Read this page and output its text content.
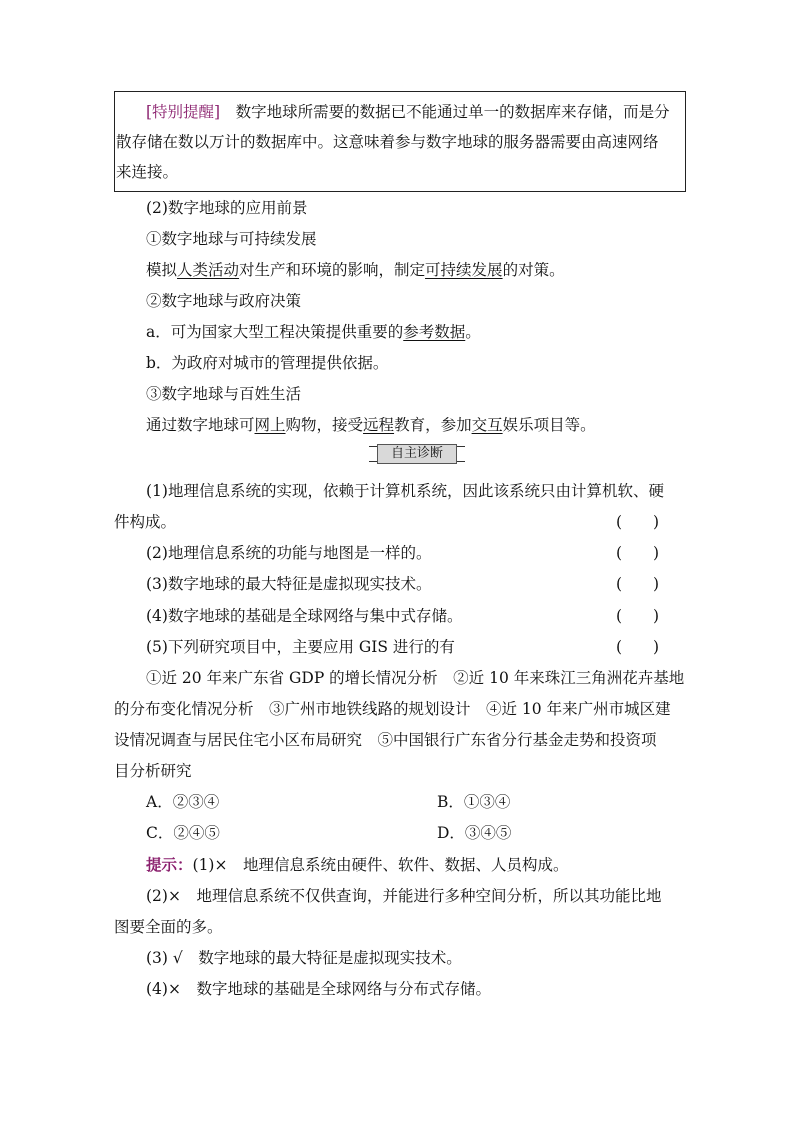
[特别提醒]　数字地球所需要的数据已不能通过单一的数据库来存储，而是分
散存储在数以万计的数据库中。这意味着参与数字地球的服务器需要由高速网络
来连接。
(2)数字地球的应用前景
①数字地球与可持续发展
模拟人类活动对生产和环境的影响，制定可持续发展的对策。
②数字地球与政府决策
a．可为国家大型工程决策提供重要的参考数据。
b．为政府对城市的管理提供依据。
③数字地球与百姓生活
通过数字地球可网上购物，接受远程教育，参加交互娱乐项目等。
自主诊断
(1)地理信息系统的实现，依赖于计算机系统，因此该系统只由计算机软、硬
件构成。	(　　)
(2)地理信息系统的功能与地图是一样的。	(　　)
(3)数字地球的最大特征是虚拟现实技术。	(　　)
(4)数字地球的基础是全球网络与集中式存储。	(　　)
(5)下列研究项目中，主要应用 GIS 进行的有	(　　)
①近 20 年来广东省 GDP 的增长情况分析　②近 10 年来珠江三角洲花卉基地
的分布变化情况分析　③广州市地铁线路的规划设计　④近 10 年来广州市城区建
设情况调查与居民住宅小区布局研究　⑤中国银行广东省分行基金走势和投资项
目分析研究
A．②③④	B．①③④
C．②④⑤	D．③④⑤
提示：(1)×　地理信息系统由硬件、软件、数据、人员构成。
(2)×　地理信息系统不仅供查询，并能进行多种空间分析，所以其功能比地
图要全面的多。
(3) √　数字地球的最大特征是虚拟现实技术。
(4)×　数字地球的基础是全球网络与分布式存储。
